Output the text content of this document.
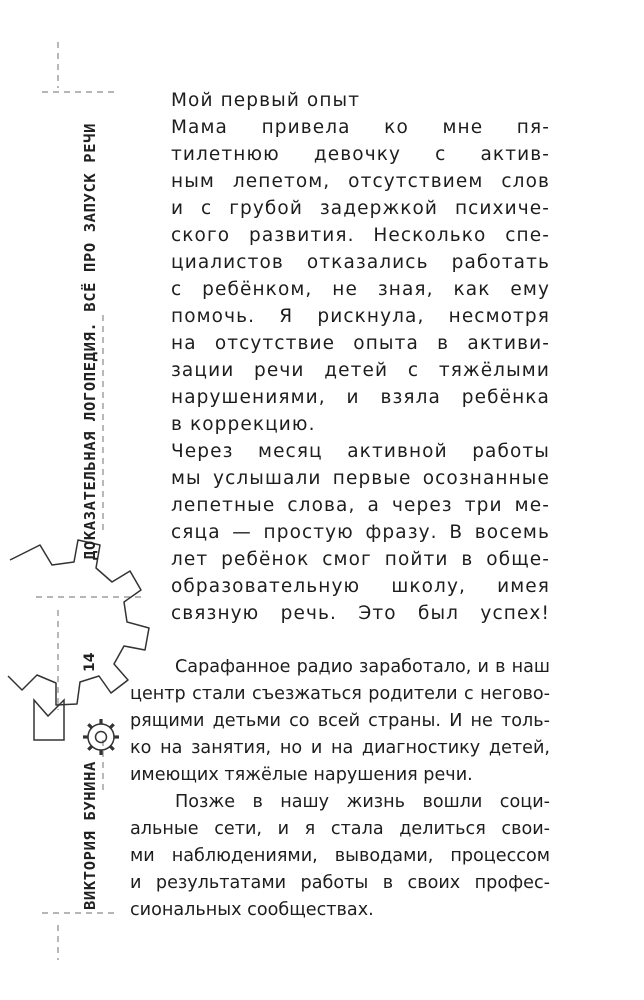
ДОКАЗАТЕЛЬНАЯ ЛОГОПЕДИЯ. ВСЁ ПРО ЗАПУСК РЕЧИ
14
ВИКТОРИЯ БУНИНА
Мой первый опыт

Мама привела ко мне пя-

тилетнюю девочку с актив-

ным лепетом, отсутствием слов

и с грубой задержкой психиче-

ского развития. Несколько спе-

циалистов отказались работать

с ребёнком, не зная, как ему

помочь. Я рискнула, несмотря

на отсутствие опыта в активи-

зации речи детей с тяжёлыми

нарушениями, и взяла ребёнка

в коррекцию.

Через месяц активной работы

мы услышали первые осознанные

лепетные слова, а через три ме-

сяца — простую фразу. В восемь

лет ребёнок смог пойти в обще-

образовательную школу, имея

связную речь. Это был успех!

Сарафанное радио заработало, и в наш

центр стали съезжаться родители с негово-

рящими детьми со всей страны. И не толь-

ко на занятия, но и на диагностику детей,

имеющих тяжёлые нарушения речи.

Позже в нашу жизнь вошли соци-

альные сети, и я стала делиться свои-

ми наблюдениями, выводами, процессом

и результатами работы в своих профес-

сиональных сообществах.
